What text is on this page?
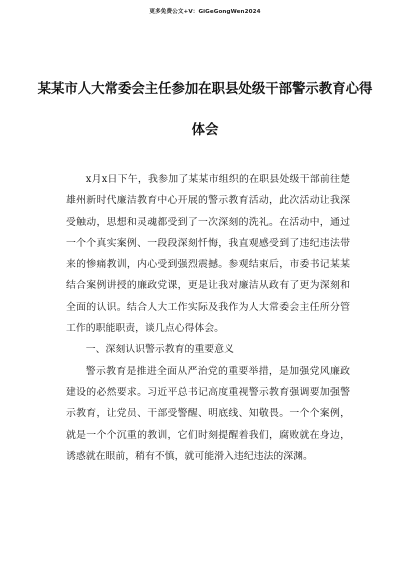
更多免费公文+V：GiGeGongWen2024
某某市人大常委会主任参加在职县处级干部警示教育心得
体会

x月x日下午，我参加了某某市组织的在职县处级干部前往楚雄州新时代廉洁教育中心开展的警示教育活动，此次活动让我深受触动，思想和灵魂都受到了一次深刻的洗礼。在活动中，通过一个个真实案例、一段段深刻忏悔，我直观感受到了违纪违法带来的惨痛教训，内心受到强烈震撼。参观结束后，市委书记某某结合案例讲授的廉政党课，更是让我对廉洁从政有了更为深刻和全面的认识。结合人大工作实际及我作为人大常委会主任所分管工作的职能职责，谈几点心得体会。

一、深刻认识警示教育的重要意义

警示教育是推进全面从严治党的重要举措，是加强党风廉政建设的必然要求。习近平总书记高度重视警示教育强调要加强警示教育，让党员、干部受警醒、明底线、知敬畏。一个个案例，就是一个个沉重的教训，它们时刻提醒着我们，腐败就在身边，诱惑就在眼前，稍有不慎，就可能滑入违纪违法的深渊。
